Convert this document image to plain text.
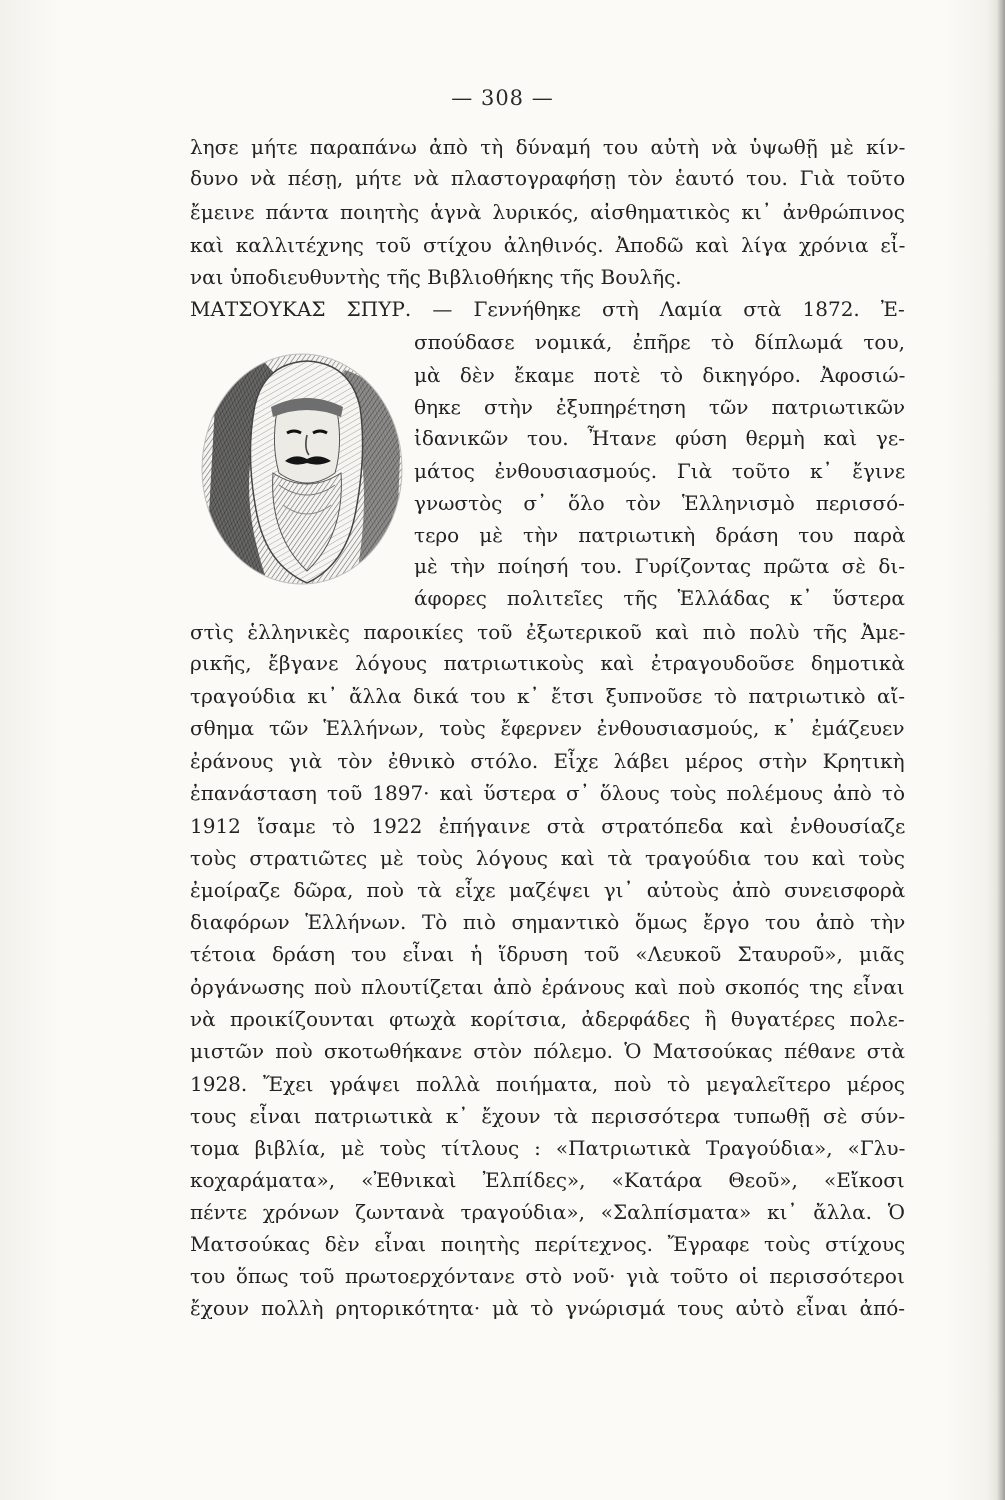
— 308 —
λησε μήτε παραπάνω ἀπὸ τὴ δύναμή του αὐτὴ νὰ ὑψωθῇ μὲ κίν-
δυνο νὰ πέσῃ, μήτε νὰ πλαστογραφήσῃ τὸν ἑαυτό του. Γιὰ τοῦτο
ἔμεινε πάντα ποιητὴς ἁγνὰ λυρικός, αἰσθηματικὸς κι᾽ ἀνθρώπινος
καὶ καλλιτέχνης τοῦ στίχου ἀληθινός. Ἀποδῶ καὶ λίγα χρόνια εἶ-
ναι ὑποδιευθυντὴς τῆς Βιβλιοθήκης τῆς Βουλῆς.
ΜΑΤΣΟΥΚΑΣ ΣΠΥΡ. — Γεννήθηκε στὴ Λαμία στὰ 1872. Ἐ-
σπούδασε νομικά, ἐπῆρε τὸ δίπλωμά του,
μὰ δὲν ἔκαμε ποτὲ τὸ δικηγόρο. Ἀφοσιώ-
θηκε στὴν ἐξυπηρέτηση τῶν πατριωτικῶν
ἰδανικῶν του. Ἦτανε φύση θερμὴ καὶ γε-
μάτος ἐνθουσιασμούς. Γιὰ τοῦτο κ᾽ ἔγινε
γνωστὸς σ᾽ ὅλο τὸν Ἑλληνισμὸ περισσό-
τερο μὲ τὴν πατριωτικὴ δράση του παρὰ
μὲ τὴν ποίησή του. Γυρίζοντας πρῶτα σὲ δι-
άφορες πολιτεῖες τῆς Ἑλλάδας κ᾽ ὕστερα
στὶς ἑλληνικὲς παροικίες τοῦ ἐξωτερικοῦ καὶ πιὸ πολὺ τῆς Ἀμε-
ρικῆς, ἔβγανε λόγους πατριωτικοὺς καὶ ἐτραγουδοῦσε δημοτικὰ
τραγούδια κι᾽ ἄλλα δικά του κ᾽ ἔτσι ξυπνοῦσε τὸ πατριωτικὸ αἴ-
σθημα τῶν Ἑλλήνων, τοὺς ἔφερνεν ἐνθουσιασμούς, κ᾽ ἐμάζευεν
ἐράνους γιὰ τὸν ἐθνικὸ στόλο. Εἶχε λάβει μέρος στὴν Κρητικὴ
ἐπανάσταση τοῦ 1897· καὶ ὕστερα σ᾽ ὅλους τοὺς πολέμους ἀπὸ τὸ
1912 ἴσαμε τὸ 1922 ἐπήγαινε στὰ στρατόπεδα καὶ ἐνθουσίαζε
τοὺς στρατιῶτες μὲ τοὺς λόγους καὶ τὰ τραγούδια του καὶ τοὺς
ἐμοίραζε δῶρα, ποὺ τὰ εἶχε μαζέψει γι᾽ αὐτοὺς ἀπὸ συνεισφορὰ
διαφόρων Ἑλλήνων. Τὸ πιὸ σημαντικὸ ὅμως ἔργο του ἀπὸ τὴν
τέτοια δράση του εἶναι ἡ ἵδρυση τοῦ «Λευκοῦ Σταυροῦ», μιᾶς
ὀργάνωσης ποὺ πλουτίζεται ἀπὸ ἐράνους καὶ ποὺ σκοπός της εἶναι
νὰ προικίζουνται φτωχὰ κορίτσια, ἀδερφάδες ἢ θυγατέρες πολε-
μιστῶν ποὺ σκοτωθήκανε στὸν πόλεμο. Ὁ Ματσούκας πέθανε στὰ
1928. Ἔχει γράψει πολλὰ ποιήματα, ποὺ τὸ μεγαλεῖτερο μέρος
τους εἶναι πατριωτικὰ κ᾽ ἔχουν τὰ περισσότερα τυπωθῇ σὲ σύν-
τομα βιβλία, μὲ τοὺς τίτλους : «Πατριωτικὰ Τραγούδια», «Γλυ-
κοχαράματα», «Ἐθνικαὶ Ἐλπίδες», «Κατάρα Θεοῦ», «Εἴκοσι
πέντε χρόνων ζωντανὰ τραγούδια», «Σαλπίσματα» κι᾽ ἄλλα. Ὁ
Ματσούκας δὲν εἶναι ποιητὴς περίτεχνος. Ἔγραφε τοὺς στίχους
του ὅπως τοῦ πρωτοερχόντανε στὸ νοῦ· γιὰ τοῦτο οἱ περισσότεροι
ἔχουν πολλὴ ρητορικότητα· μὰ τὸ γνώρισμά τους αὐτὸ εἶναι ἀπό-
